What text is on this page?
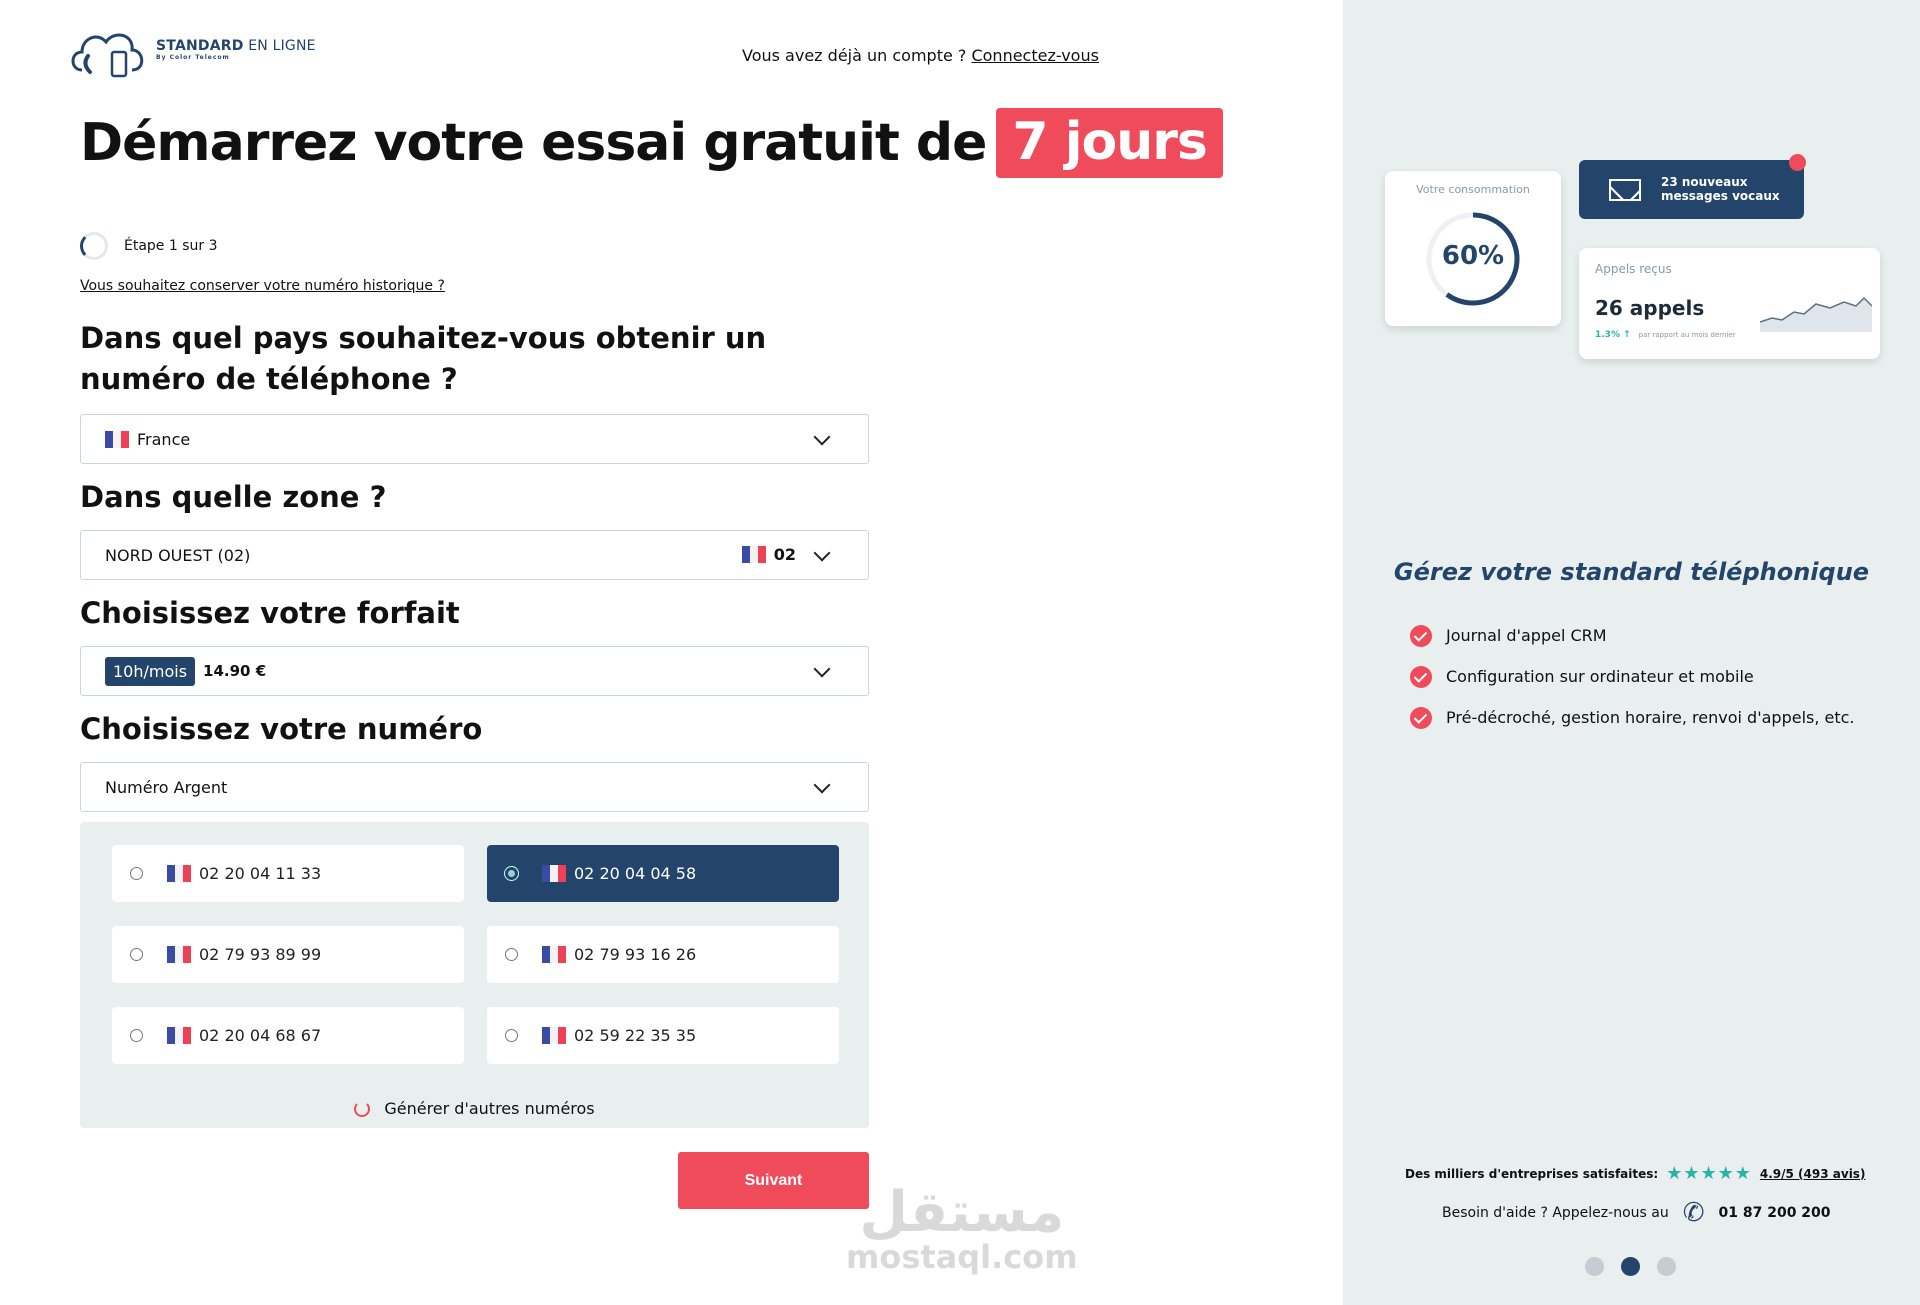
STANDARD EN LIGNE
By Color Telecom	Vous avez déjà un compte ? Connectez-vous
Démarrez votre essai gratuit de 7 jours
Étape 1 sur 3
Vous souhaitez conserver votre numéro historique ?
Dans quel pays souhaitez-vous obtenir un numéro de téléphone ?
France
Dans quelle zone ?
NORD OUEST (02)	02
Choisissez votre forfait
10h/mois	14.90 €
Choisissez votre numéro
Numéro Argent
02 20 04 11 33	02 20 04 04 58
02 79 93 89 99	02 79 93 16 26
02 20 04 68 67	02 59 22 35 35
Générer d'autres numéros
Suivant	مستقل
mostaql.com
Votre consommation
60%
23 nouveaux
messages vocaux
Appels reçus
26 appels
1.3% ↑ par rapport au mois dernier
Gérez votre standard téléphonique
Journal d'appel CRM
Configuration sur ordinateur et mobile
Pré-décroché, gestion horaire, renvoi d'appels, etc.
Des milliers d'entreprises satisfaites: ★★★★★ 4.9/5 (493 avis)
Besoin d'aide ? Appelez-nous au ✆ 01 87 200 200
